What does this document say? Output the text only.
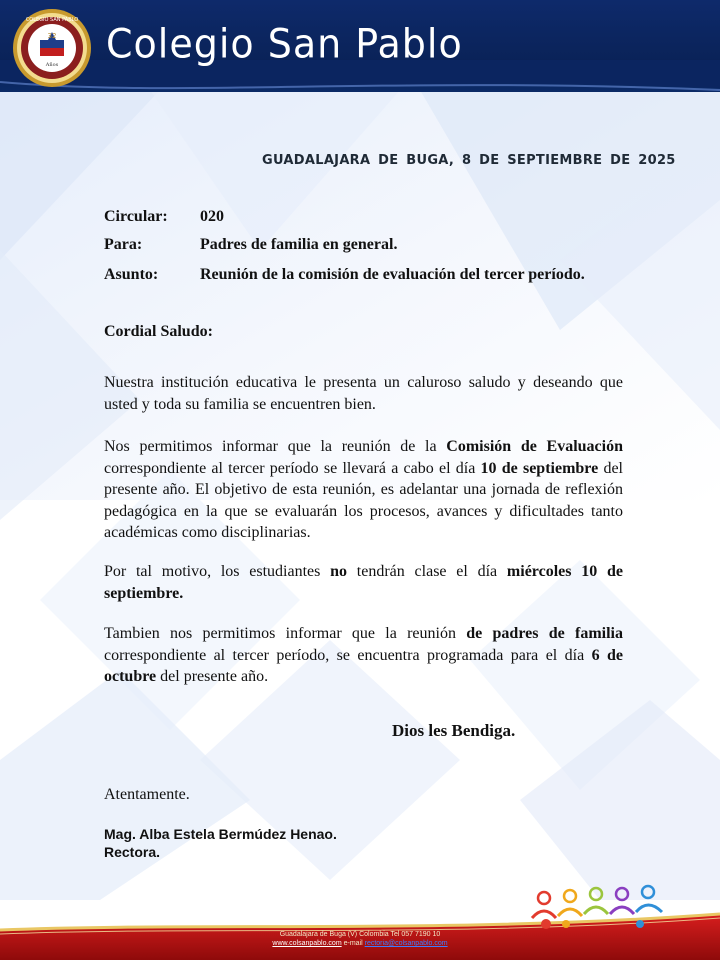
32
Años
COLEGIO SAN PABLO
Colegio San Pablo
GUADALAJARA DE BUGA, 8 DE SEPTIEMBRE DE 2025
Circular: 020
Para:	Padres de familia en general.
Asunto:	Reunión de la comisión de evaluación del tercer período.
Cordial Saludo:
Nuestra institución educativa le presenta un caluroso saludo y deseando que usted y toda su familia se encuentren bien.
Nos permitimos informar que la reunión de la Comisión de Evaluación correspondiente al tercer período se llevará a cabo el día 10 de septiembre del presente año. El objetivo de esta reunión, es adelantar una jornada de reflexión pedagógica en la que se evaluarán los procesos, avances y dificultades tanto académicas como disciplinarias.
Por tal motivo, los estudiantes no tendrán clase el día miércoles 10 de septiembre.
Tambien nos permitimos informar que la reunión de padres de familia correspondiente al tercer período, se encuentra programada para el día 6 de octubre del presente año.
Dios les Bendiga.
Atentamente.
Mag. Alba Estela Bermúdez Henao.
Rectora.
Guadalajara de Buga (V) Colombia Tel 057 7190 10
www.colsanpablo.com e-mail rectoria@colsanpablo.com
